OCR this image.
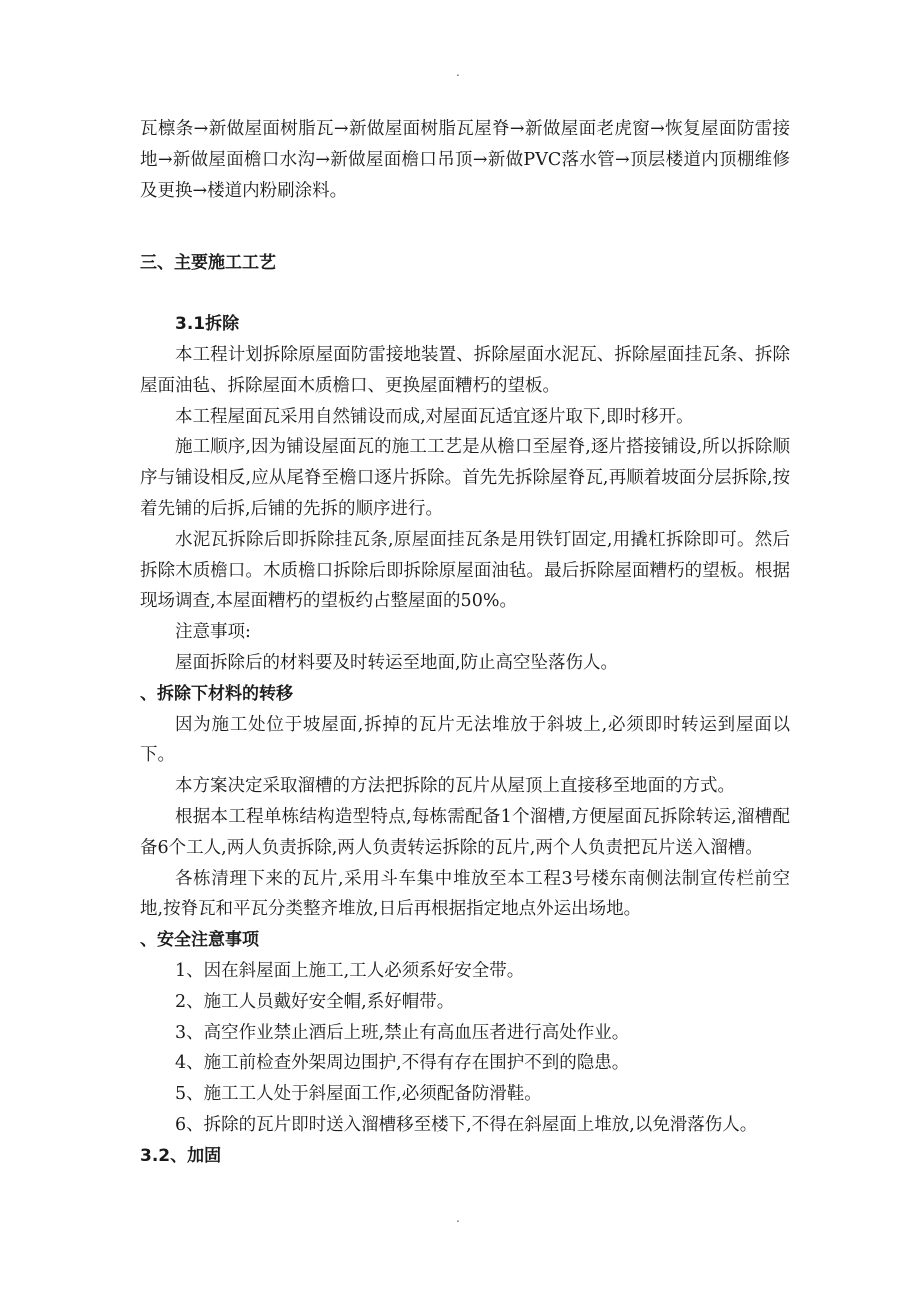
.

瓦檩条→新做屋面树脂瓦→新做屋面树脂瓦屋脊→新做屋面老虎窗→恢复屋面防雷接地→新做屋面檐口水沟→新做屋面檐口吊顶→新做PVC落水管→顶层楼道内顶棚维修及更换→楼道内粉刷涂料。

三、主要施工工艺

3.1拆除

本工程计划拆除原屋面防雷接地装置、拆除屋面水泥瓦、拆除屋面挂瓦条、拆除屋面油毡、拆除屋面木质檐口、更换屋面糟朽的望板。

本工程屋面瓦采用自然铺设而成,对屋面瓦适宜逐片取下,即时移开。

施工顺序,因为铺设屋面瓦的施工工艺是从檐口至屋脊,逐片搭接铺设,所以拆除顺序与铺设相反,应从尾脊至檐口逐片拆除。首先先拆除屋脊瓦,再顺着坡面分层拆除,按着先铺的后拆,后铺的先拆的顺序进行。

水泥瓦拆除后即拆除挂瓦条,原屋面挂瓦条是用铁钉固定,用撬杠拆除即可。然后拆除木质檐口。木质檐口拆除后即拆除原屋面油毡。最后拆除屋面糟朽的望板。根据现场调查,本屋面糟朽的望板约占整屋面的50%。

注意事项:

屋面拆除后的材料要及时转运至地面,防止高空坠落伤人。

、拆除下材料的转移

因为施工处位于坡屋面,拆掉的瓦片无法堆放于斜坡上,必须即时转运到屋面以下。

本方案决定采取溜槽的方法把拆除的瓦片从屋顶上直接移至地面的方式。

根据本工程单栋结构造型特点,每栋需配备1个溜槽,方便屋面瓦拆除转运,溜槽配备6个工人,两人负责拆除,两人负责转运拆除的瓦片,两个人负责把瓦片送入溜槽。

各栋清理下来的瓦片,采用斗车集中堆放至本工程3号楼东南侧法制宣传栏前空地,按脊瓦和平瓦分类整齐堆放,日后再根据指定地点外运出场地。

、安全注意事项

1、因在斜屋面上施工,工人必须系好安全带。

2、施工人员戴好安全帽,系好帽带。

3、高空作业禁止酒后上班,禁止有高血压者进行高处作业。

4、施工前检查外架周边围护,不得有存在围护不到的隐患。

5、施工工人处于斜屋面工作,必须配备防滑鞋。

6、拆除的瓦片即时送入溜槽移至楼下,不得在斜屋面上堆放,以免滑落伤人。

3.2、加固

.
